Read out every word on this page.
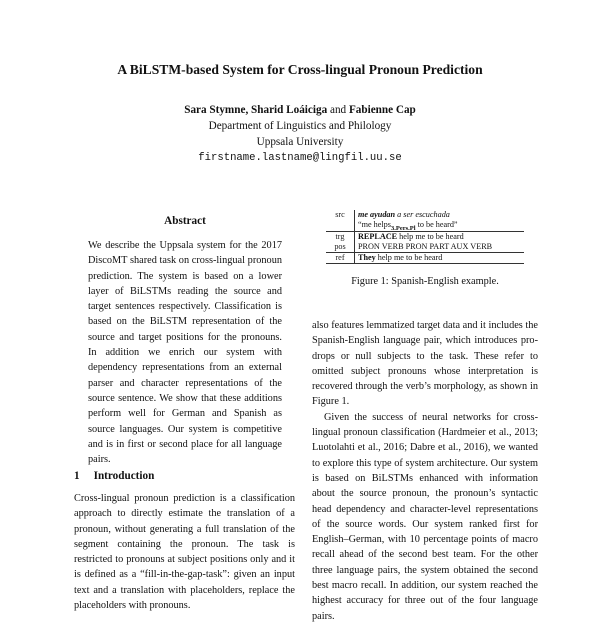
A BiLSTM-based System for Cross-lingual Pronoun Prediction
Sara Stymne, Sharid Loáiciga and Fabienne Cap
Department of Linguistics and Philology
Uppsala University
firstname.lastname@lingfil.uu.se
Abstract
We describe the Uppsala system for the 2017 DiscoMT shared task on cross-lingual pronoun prediction. The system is based on a lower layer of BiLSTMs reading the source and target sentences respectively. Classification is based on the BiLSTM representation of the source and target positions for the pronouns. In addition we enrich our system with dependency representations from an external parser and character representations of the source sentence. We show that these additions perform well for German and Spanish as source languages. Our system is competitive and is in first or second place for all language pairs.
1 Introduction
Cross-lingual pronoun prediction is a classification approach to directly estimate the translation of a pronoun, without generating a full translation of the segment containing the pronoun. The task is restricted to pronouns at subject positions only and it is defined as a “fill-in-the-gap-task”: given an input text and a translation with placeholders, replace the placeholders with pronouns.
src	me ayudan a ser escuchada
	“me helps$_{3.Pers.Pl}$ to be heard”
trg	REPLACE help me to be heard
pos	PRON VERB PRON PART AUX VERB
ref	They help me to be heard
Figure 1: Spanish-English example.

also features lemmatized target data and it includes the Spanish-English language pair, which introduces pro-drops or null subjects to the task. These refer to omitted subject pronouns whose interpretation is recovered through the verb’s morphology, as shown in Figure 1.

Given the success of neural networks for cross-lingual pronoun classification (Hardmeier et al., 2013; Luotolahti et al., 2016; Dabre et al., 2016), we wanted to explore this type of system architecture. Our system is based on BiLSTMs enhanced with information about the source pronoun, the pronoun’s syntactic head dependency and character-level representations of the source words. Our system ranked first for English–German, with 10 percentage points of macro recall ahead of the second best team. For the other three language pairs, the system obtained the second best macro recall. In addition, our system reached the highest accuracy for three out of the four language pairs.
